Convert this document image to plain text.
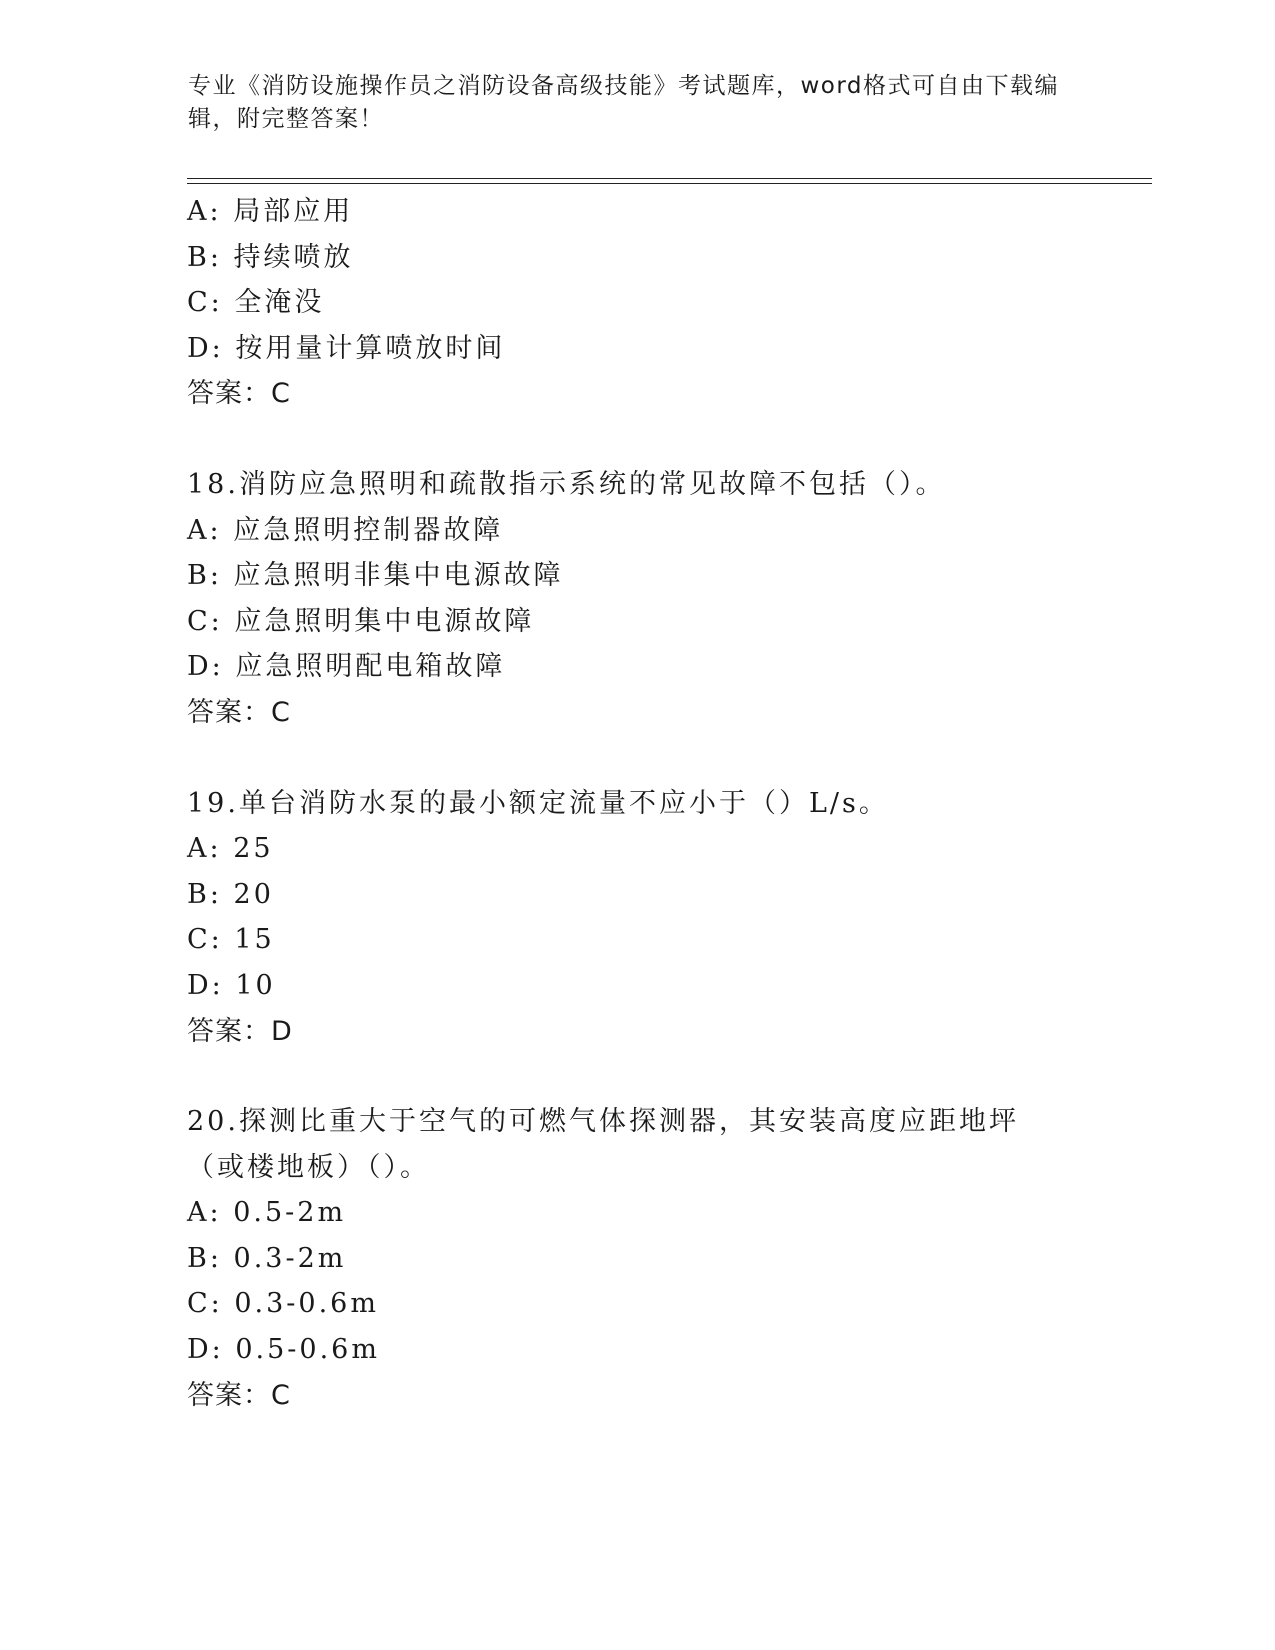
专业《消防设施操作员之消防设备高级技能》考试题库，word格式可自由下载编辑，附完整答案！
A: 局部应用
B: 持续喷放
C: 全淹没
D: 按用量计算喷放时间
答案：C
18.消防应急照明和疏散指示系统的常见故障不包括（）。
A: 应急照明控制器故障
B: 应急照明非集中电源故障
C: 应急照明集中电源故障
D: 应急照明配电箱故障
答案：C
19.单台消防水泵的最小额定流量不应小于（）L/s。
A: 25
B: 20
C: 15
D: 10
答案：D
20.探测比重大于空气的可燃气体探测器，其安装高度应距地坪（或楼地板）（）。
A: 0.5-2m
B: 0.3-2m
C: 0.3-0.6m
D: 0.5-0.6m
答案：C
